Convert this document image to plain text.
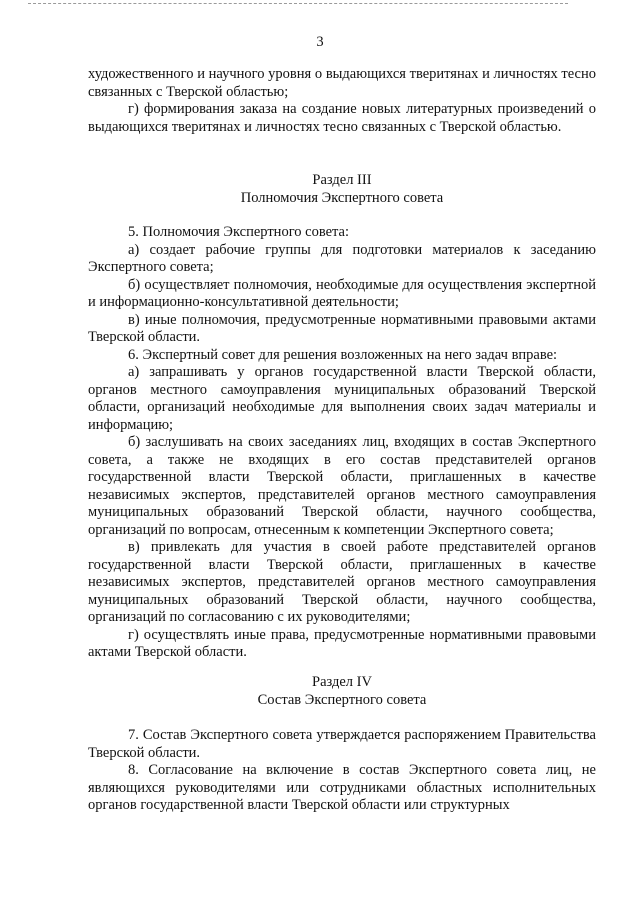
3

художественного и научного уровня о выдающихся тверитянах и личностях тесно связанных с Тверской областью;

г) формирования заказа на создание новых литературных произведений о выдающихся тверитянах и личностях тесно связанных с Тверской областью.

Раздел III

Полномочия Экспертного совета

5. Полномочия Экспертного совета:

а) создает рабочие группы для подготовки материалов к заседанию Экспертного совета;

б) осуществляет полномочия, необходимые для осуществления экспертной и информационно-консультативной деятельности;

в) иные полномочия, предусмотренные нормативными правовыми актами Тверской области.

6. Экспертный совет для решения возложенных на него задач вправе:

а) запрашивать у органов государственной власти Тверской области, органов местного самоуправления муниципальных образований Тверской области, организаций необходимые для выполнения своих задач материалы и информацию;

б) заслушивать на своих заседаниях лиц, входящих в состав Экспертного совета, а также не входящих в его состав представителей органов государственной власти Тверской области, приглашенных в качестве независимых экспертов, представителей органов местного самоуправления муниципальных образований Тверской области, научного сообщества, организаций по вопросам, отнесенным к компетенции Экспертного совета;

в) привлекать для участия в своей работе представителей органов государственной власти Тверской области, приглашенных в качестве независимых экспертов, представителей органов местного самоуправления муниципальных образований Тверской области, научного сообщества, организаций по согласованию с их руководителями;

г) осуществлять иные права, предусмотренные нормативными правовыми актами Тверской области.

Раздел IV

Состав Экспертного совета

7. Состав Экспертного совета утверждается распоряжением Правительства Тверской области.

8. Согласование на включение в состав Экспертного совета лиц, не являющихся руководителями или сотрудниками областных исполнительных органов государственной власти Тверской области или структурных
